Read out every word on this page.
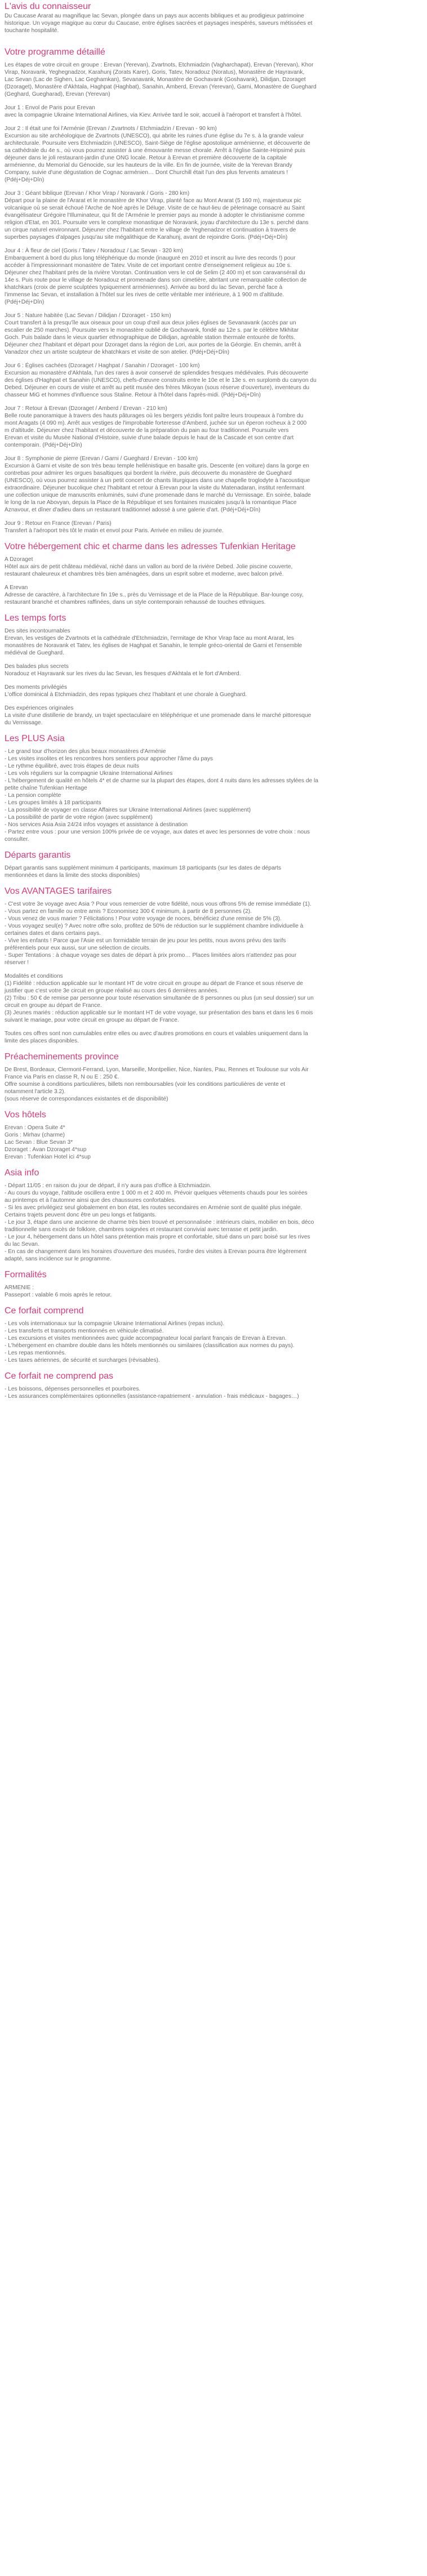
L'avis du connaisseur

Du Caucase Ararat au magnifique lac Sevan, plongée dans un pays aux accents bibliques et au prodigieux patrimoine

historique. Un voyage magique au cœur du Caucase, entre églises sacrées et paysages inespérés, saveurs métissées et

touchante hospitalité.

Votre programme détaillé

Les étapes de votre circuit en groupe : Erevan (Yerevan), Zvartnots, Etchmiadzin (Vagharchapat), Erevan (Yerevan), Khor

Virap, Noravank, Yeghegnadzor, Karahunj (Zorats Karer), Goris, Tatev, Noradouz (Noratus), Monastère de Hayravank,

Lac Sevan (Lac de Sighen, Lac Geghamkan), Sevanavank, Monastère de Gochavank (Goshavank), Dilidjan, Dzoraget

(Dzoraget), Monastère d'Akhtala, Haghpat (Haghbat), Sanahin, Amberd, Erevan (Yerevan), Garni, Monastère de Gueghard

(Geghard, Guegharad), Erevan (Yerevan)

Jour 1 : Envol de Paris pour Erevan

avec la compagnie Ukraine International Airlines, via Kiev. Arrivée tard le soir, accueil à l'aéroport et transfert à l'hôtel.

Jour 2 : Il était une foi l'Arménie (Erevan / Zvartnots / Etchmiadzin / Erevan - 90 km)

Excursion au site archéologique de Zvartnots (UNESCO), qui abrite les ruines d'une église du 7e s. à la grande valeur

architecturale. Poursuite vers Etchmiadzin (UNESCO), Saint-Siège de l'église apostolique arménienne, et découverte de

sa cathédrale du 4e s., où vous pourrez assister à une émouvante messe chorale. Arrêt à l'église Sainte-Hripsimé puis

déjeuner dans le joli restaurant-jardin d'une ONG locale. Retour à Erevan et première découverte de la capitale

arménienne, du Memorial du Génocide, sur les hauteurs de la ville. En fin de journée, visite de la Yerevan Brandy

Company, suivie d'une dégustation de Cognac arménien… Dont Churchill était l'un des plus fervents amateurs !

(Pdéj+Déj+Dîn)

Jour 3 : Géant biblique (Erevan / Khor Virap / Noravank / Goris - 280 km)

Départ pour la plaine de l'Ararat et le monastère de Khor Virap, planté face au Mont Ararat (5 160 m), majestueux pic

volcanique où se serait échoué l'Arche de Noé après le Déluge. Visite de ce haut-lieu de pèlerinage consacré au Saint

évangélisateur Grégoire l'Illuminateur, qui fit de l'Arménie le premier pays au monde à adopter le christianisme comme

religion d'Etat, en 301. Poursuite vers le complexe monastique de Noravank, joyau d'architecture du 13e s. perché dans

un cirque naturel environnant. Déjeuner chez l'habitant entre le village de Yeghenadzor et continuation à travers de

superbes paysages d'alpages jusqu'au site mégalithique de Karahunj, avant de rejoindre Goris. (Pdéj+Déj+Dîn)

Jour 4 : À fleur de ciel (Goris / Tatev / Noradouz / Lac Sevan - 320 km)

Embarquement à bord du plus long téléphérique du monde (inauguré en 2010 et inscrit au livre des records !) pour

accéder à l'impressionnant monastère de Tatev. Visite de cet important centre d'enseignement religieux au 10e s.

Déjeuner chez l'habitant près de la rivière Vorotan. Continuation vers le col de Selim (2 400 m) et son caravansérail du

14e s. Puis route pour le village de Noradouz et promenade dans son cimetière, abritant une remarquable collection de

khatchkars (croix de pierre sculptées typiquement arméniennes). Arrivée au bord du lac Sevan, perché face à

l'immense lac Sevan, et installation à l'hôtel sur les rives de cette véritable mer intérieure, à 1 900 m d'altitude.

(Pdéj+Déj+Dîn)

Jour 5 : Nature habitée (Lac Sevan / Dilidjan / Dzoraget - 150 km)

Court transfert à la presqu'île aux oiseaux pour un coup d'œil aux deux jolies églises de Sevanavank (accès par un

escalier de 250 marches). Poursuite vers le monastère oublié de Gochavank, fondé au 12e s. par le célèbre Mkhitar

Goch. Puis balade dans le vieux quartier ethnographique de Dilidjan, agréable station thermale entourée de forêts.

Déjeuner chez l'habitant et départ pour Dzoraget dans la région de Lori, aux portes de la Géorgie. En chemin, arrêt à

Vanadzor chez un artiste sculpteur de khatchkars et visite de son atelier. (Pdéj+Déj+Dîn)

Jour 6 : Églises cachées (Dzoraget / Haghpat / Sanahin / Dzoraget - 100 km)

Excursion au monastère d'Akhtala, l'un des rares à avoir conservé de splendides fresques médiévales. Puis découverte

des églises d'Haghpat et Sanahin (UNESCO), chefs-d'œuvre construits entre le 10e et le 13e s. en surplomb du canyon du

Debed. Déjeuner en cours de visite et arrêt au petit musée des frères Mikoyan (sous réserve d'ouverture), inventeurs du

chasseur MiG et hommes d'influence sous Staline. Retour à l'hôtel dans l'après-midi. (Pdéj+Déj+Dîn)

Jour 7 : Retour à Erevan (Dzoraget / Amberd / Erevan - 210 km)

Belle route panoramique à travers des hauts pâturages où les bergers yézidis font paître leurs troupeaux à l'ombre du

mont Aragats (4 090 m). Arrêt aux vestiges de l'improbable forteresse d'Amberd, juchée sur un éperon rocheux à 2 000

m d'altitude. Déjeuner chez l'habitant et découverte de la préparation du pain au four traditionnel. Poursuite vers

Erevan et visite du Musée National d'Histoire, suivie d'une balade depuis le haut de la Cascade et son centre d'art

contemporain. (Pdéj+Déj+Dîn)

Jour 8 : Symphonie de pierre (Erevan / Garni / Gueghard / Erevan - 100 km)

Excursion à Garni et visite de son très beau temple hellénistique en basalte gris. Descente (en voiture) dans la gorge en

contrebas pour admirer les orgues basaltiques qui bordent la rivière, puis découverte du monastère de Gueghard

(UNESCO), où vous pourrez assister à un petit concert de chants liturgiques dans une chapelle troglodyte à l'acoustique

extraordinaire. Déjeuner bucolique chez l'habitant et retour à Erevan pour la visite du Matenadaran, institut renfermant

une collection unique de manuscrits enluminés, suivi d'une promenade dans le marché du Vernissage. En soirée, balade

le long de la rue Abovyan, depuis la Place de la République et ses fontaines musicales jusqu'à la romantique Place

Aznavour, et dîner d'adieu dans un restaurant traditionnel adossé à une galerie d'art. (Pdéj+Déj+Dîn)

Jour 9 : Retour en France (Erevan / Paris)

Transfert à l'aéroport très tôt le matin et envol pour Paris. Arrivée en milieu de journée.

Votre hébergement chic et charme dans les adresses Tufenkian Heritage

A Dzoraget

Hôtel aux airs de petit château médiéval, niché dans un vallon au bord de la rivière Debed. Jolie piscine couverte,

restaurant chaleureux et chambres très bien aménagées, dans un esprit sobre et moderne, avec balcon privé.

A Erevan

Adresse de caractère, à l'architecture fin 19e s., près du Vernissage et de la Place de la République. Bar-lounge cosy,

restaurant branché et chambres raffinées, dans un style contemporain rehaussé de touches ethniques.

Les temps forts

Des sites incontournables

Erevan, les vestiges de Zvartnots et la cathédrale d'Etchmiadzin, l'ermitage de Khor Virap face au mont Ararat, les

monastères de Noravank et Tatev, les églises de Haghpat et Sanahin, le temple gréco-oriental de Garni et l'ensemble

médiéval de Gueghard.

Des balades plus secrets

Noradouz et Hayravank sur les rives du lac Sevan, les fresques d'Akhtala et le fort d'Amberd.

Des moments privilégiés

L'office dominical à Etchmiadzin, des repas typiques chez l'habitant et une chorale à Gueghard.

Des expériences originales

La visite d'une distillerie de brandy, un trajet spectaculaire en téléphérique et une promenade dans le marché pittoresque

du Vernissage.

Les PLUS Asia

- Le grand tour d'horizon des plus beaux monastères d'Arménie

- Les visites insolites et les rencontres hors sentiers pour approcher l'âme du pays

- Le rythme équilibré, avec trois étapes de deux nuits

- Les vols réguliers sur la compagnie Ukraine International Airlines

- L'hébergement de qualité en hôtels 4* et de charme sur la plupart des étapes, dont 4 nuits dans les adresses stylées de la

petite chaîne Tufenkian Heritage

- La pension complète

- Les groupes limités à 18 participants

- La possibilité de voyager en classe Affaires sur Ukraine International Airlines (avec supplément)

- La possibilité de partir de votre région (avec supplément)

- Nos services Asia Asia 24/24 infos voyages et assistance à destination

- Partez entre vous : pour une version 100% privée de ce voyage, aux dates et avec les personnes de votre choix : nous

consulter.

Départs garantis

Départ garantis sans supplément minimum 4 participants, maximum 18 participants (sur les dates de départs

mentionnées et dans la limite des stocks disponibles)

Vos AVANTAGES tarifaires

- C'est votre 3e voyage avec Asia ? Pour vous remercier de votre fidélité, nous vous offrons 5% de remise immédiate (1).

- Vous partez en famille ou entre amis ? Economisez 300 € minimum, à partir de 8 personnes (2).

- Vous venez de vous marier ? Félicitations ! Pour votre voyage de noces, bénéficiez d'une remise de 5% (3).

- Vous voyagez seul(e) ? Avec notre offre solo, profitez de 50% de réduction sur le supplément chambre individuelle à

certaines dates et dans certains pays.

- Vive les enfants ! Parce que l'Asie est un formidable terrain de jeu pour les petits, nous avons prévu des tarifs

préférentiels pour eux aussi, sur une sélection de circuits.

- Super Tentations : à chaque voyage ses dates de départ à prix promo… Places limitées alors n'attendez pas pour

réserver !

Modalités et conditions

(1) Fidélité : réduction applicable sur le montant HT de votre circuit en groupe au départ de France et sous réserve de

justifier que c'est votre 3e circuit en groupe réalisé au cours des 6 dernières années.

(2) Tribu : 50 € de remise par personne pour toute réservation simultanée de 8 personnes ou plus (un seul dossier) sur un

circuit en groupe au départ de France.

(3) Jeunes mariés : réduction applicable sur le montant HT de votre voyage, sur présentation des bans et dans les 6 mois

suivant le mariage, pour votre circuit en groupe au départ de France.

Toutes ces offres sont non cumulables entre elles ou avec d'autres promotions en cours et valables uniquement dans la

limite des places disponibles.

Préacheminements province

De Brest, Bordeaux, Clermont-Ferrand, Lyon, Marseille, Montpellier, Nice, Nantes, Pau, Rennes et Toulouse sur vols Air

France via Paris en classe R, N ou E : 250 €.

Offre soumise à conditions particulières, billets non remboursables (voir les conditions particulières de vente et

notamment l'article 3.2).

(sous réserve de correspondances existantes et de disponibilité)

Vos hôtels

Erevan : Opera Suite 4*

Goris : Mirhav (charme)

Lac Sevan : Blue Sevan 3*

Dzoraget : Avan Dzoraget 4*sup

Erevan : Tufenkian Hotel ici 4*sup

Asia info

- Départ 11/05 : en raison du jour de départ, il n'y aura pas d'office à Etchmiadzin.

- Au cours du voyage, l'altitude oscillera entre 1 000 m et 2 400 m. Prévoir quelques vêtements chauds pour les soirées

au printemps et à l'automne ainsi que des chaussures confortables.

- Si les avec privilégiez seul globalement en bon état, les routes secondaires en Arménie sont de qualité plus inégale.

Certains trajets peuvent donc être un peu longs et fatigants.

- Le jour 3, étape dans une ancienne de charme très bien trouvé et personnalisée : intérieurs clairs, mobilier en bois, déco

traditionnelle sans excès de folklore, chambres soignées et restaurant convivial avec terrasse et petit jardin.

- Le jour 4, hébergement dans un hôtel sans prétention mais propre et confortable, situé dans un parc boisé sur les rives

du lac Sevan.

- En cas de changement dans les horaires d'ouverture des musées, l'ordre des visites à Erevan pourra être légèrement

adapté, sans incidence sur le programme.

Formalités

ARMENIE :

Passeport : valable 6 mois après le retour.

Ce forfait comprend

- Les vols internationaux sur la compagnie Ukraine International Airlines (repas inclus).

- Les transferts et transports mentionnés en véhicule climatisé.

- Les excursions et visites mentionnées avec guide accompagnateur local parlant français de Erevan à Erevan.

- L'hébergement en chambre double dans les hôtels mentionnés ou similaires (classification aux normes du pays).

- Les repas mentionnés.

- Les taxes aériennes, de sécurité et surcharges (révisables).

Ce forfait ne comprend pas

- Les boissons, dépenses personnelles et pourboires.

- Les assurances complémentaires optionnelles (assistance-rapatriement - annulation - frais médicaux - bagages…)
